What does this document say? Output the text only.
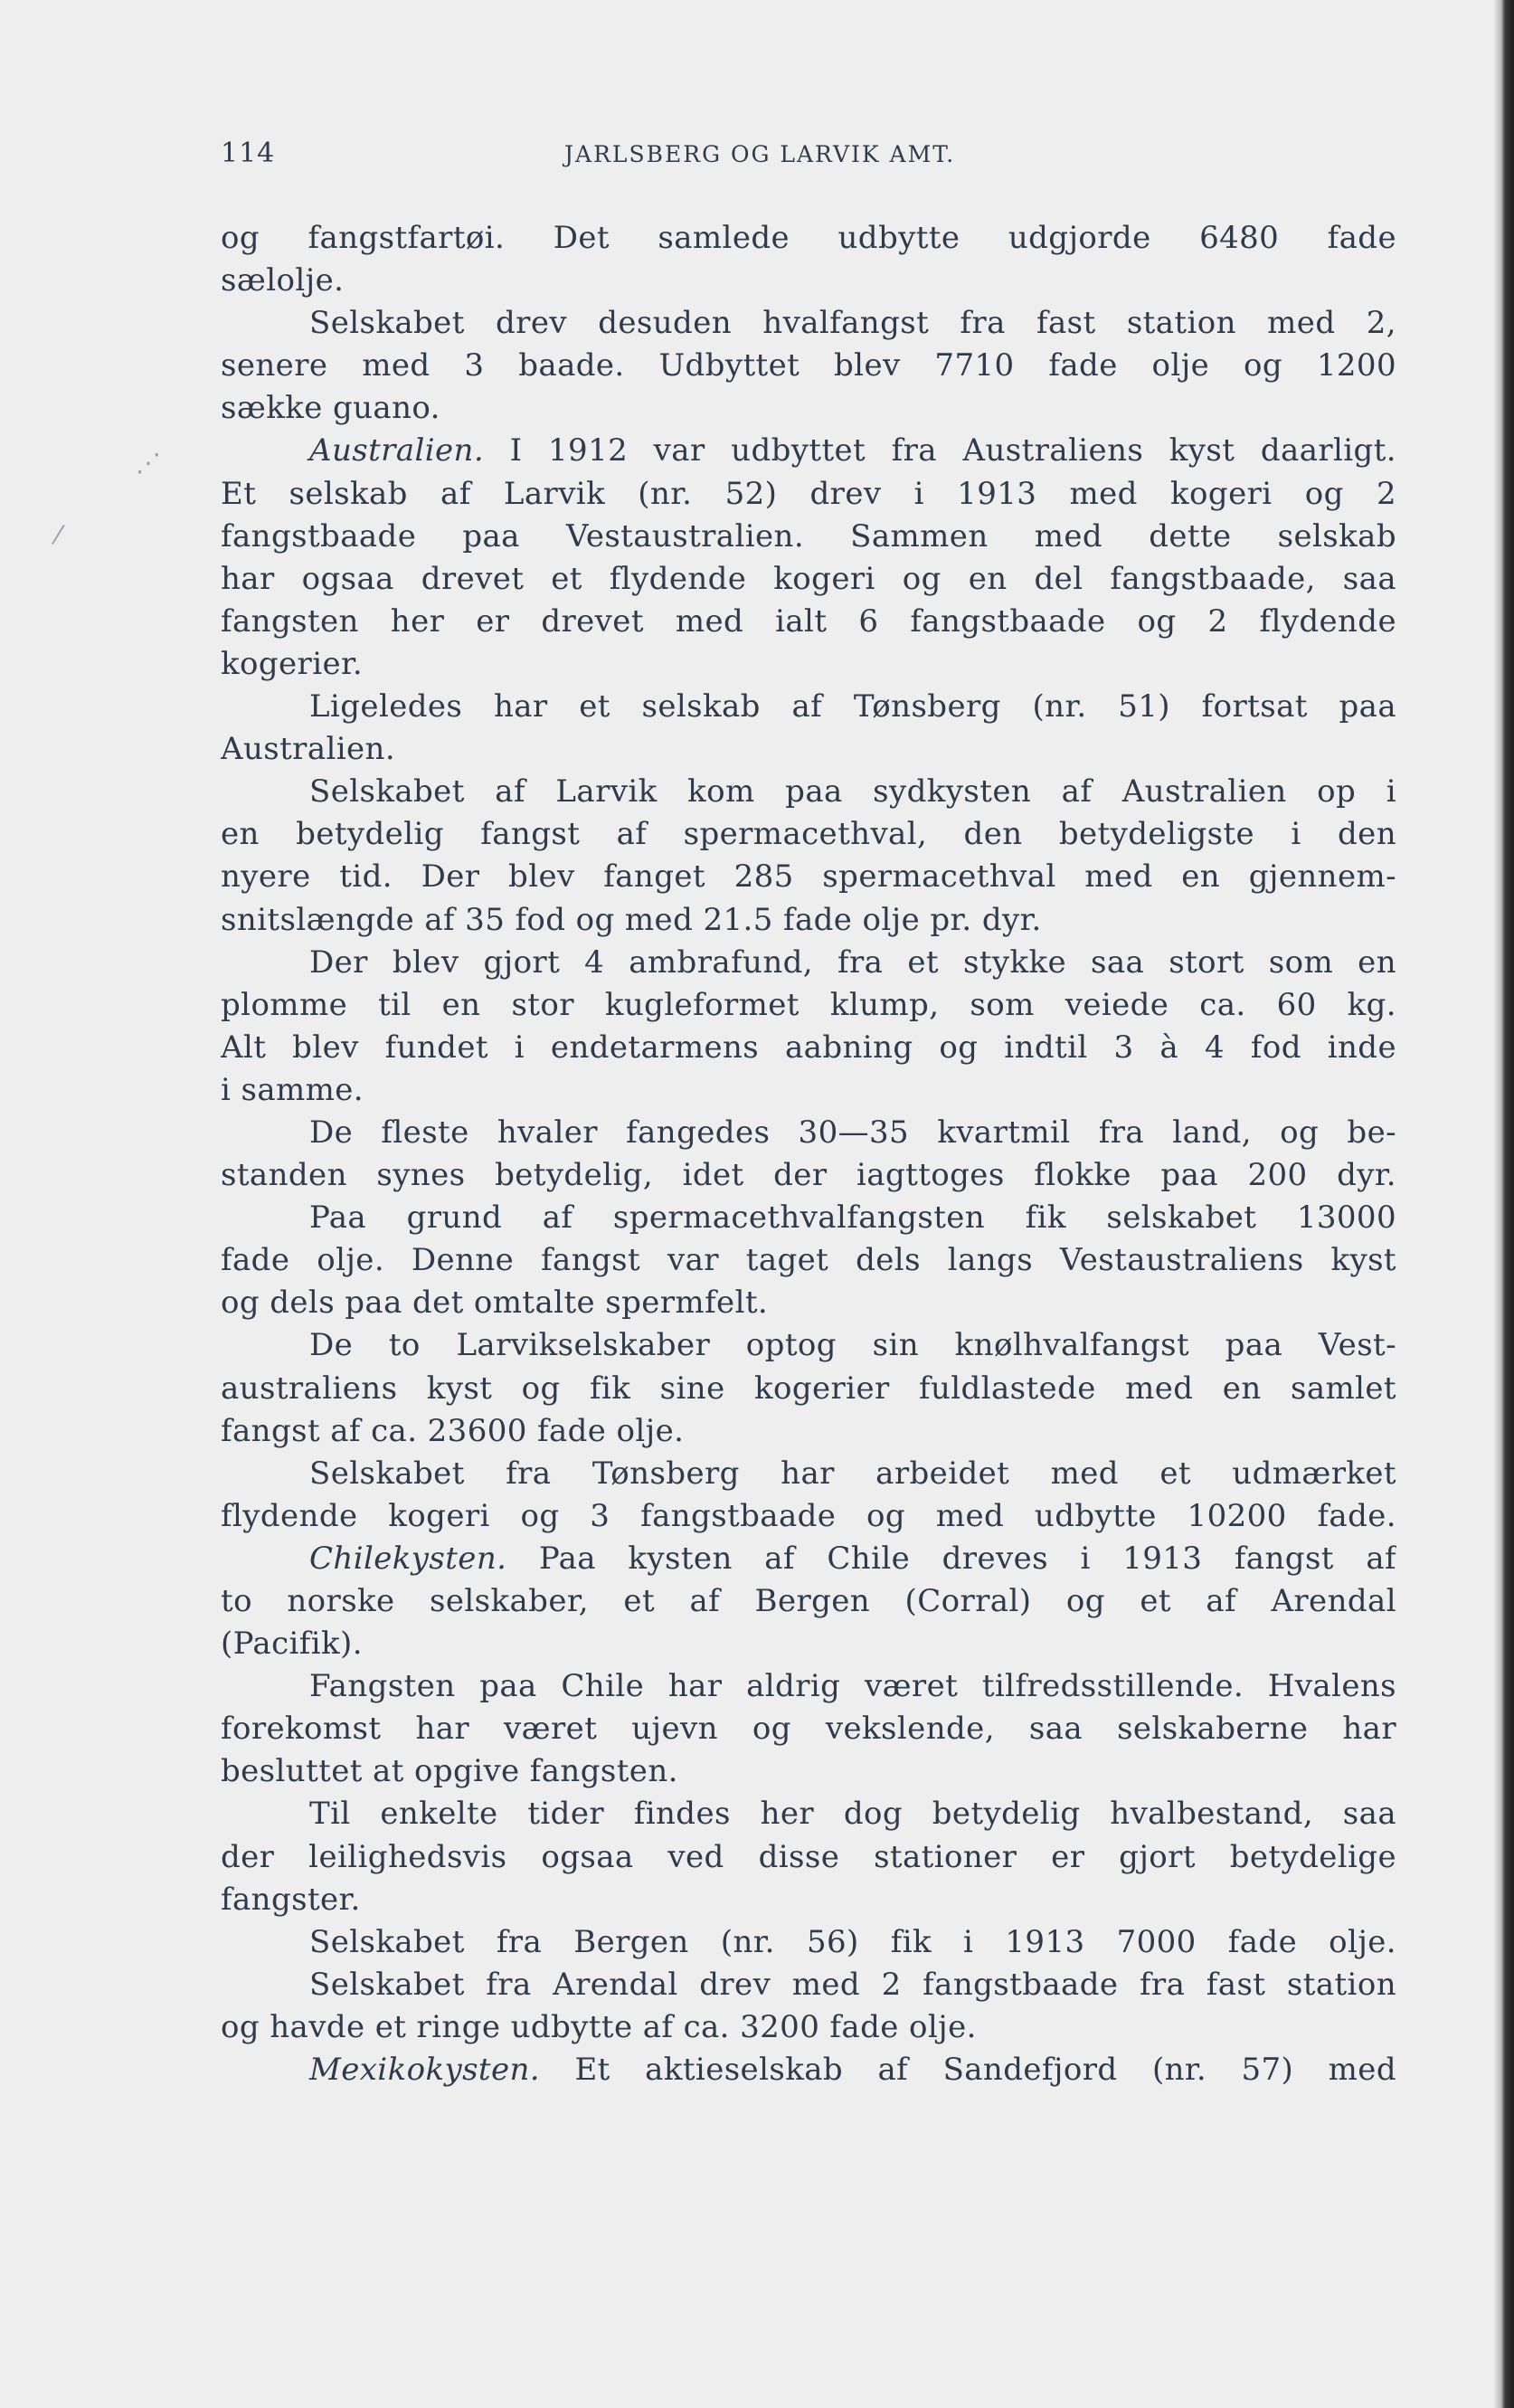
114	JARLSBERG OG LARVIK AMT.
og fangstfartøi. Det samlede udbytte udgjorde 6480 fade
sælolje.
Selskabet drev desuden hvalfangst fra fast station med 2,
senere med 3 baade. Udbyttet blev 7710 fade olje og 1200
sække guano.
Australien. I 1912 var udbyttet fra Australiens kyst daarligt.
Et selskab af Larvik (nr. 52) drev i 1913 med kogeri og 2
fangstbaade paa Vestaustralien. Sammen med dette selskab
har ogsaa drevet et flydende kogeri og en del fangstbaade, saa
fangsten her er drevet med ialt 6 fangstbaade og 2 flydende
kogerier.
Ligeledes har et selskab af Tønsberg (nr. 51) fortsat paa
Australien.
Selskabet af Larvik kom paa sydkysten af Australien op i
en betydelig fangst af spermacethval, den betydeligste i den
nyere tid. Der blev fanget 285 spermacethval med en gjennem-
snitslængde af 35 fod og med 21.5 fade olje pr. dyr.
Der blev gjort 4 ambrafund, fra et stykke saa stort som en
plomme til en stor kugleformet klump, som veiede ca. 60 kg.
Alt blev fundet i endetarmens aabning og indtil 3 à 4 fod inde
i samme.
De fleste hvaler fangedes 30—35 kvartmil fra land, og be-
standen synes betydelig, idet der iagttoges flokke paa 200 dyr.
Paa grund af spermacethvalfangsten fik selskabet 13000
fade olje. Denne fangst var taget dels langs Vestaustraliens kyst
og dels paa det omtalte spermfelt.
De to Larvikselskaber optog sin knølhvalfangst paa Vest-
australiens kyst og fik sine kogerier fuldlastede med en samlet
fangst af ca. 23600 fade olje.
Selskabet fra Tønsberg har arbeidet med et udmærket
flydende kogeri og 3 fangstbaade og med udbytte 10200 fade.
Chilekysten. Paa kysten af Chile dreves i 1913 fangst af
to norske selskaber, et af Bergen (Corral) og et af Arendal
(Pacifik).
Fangsten paa Chile har aldrig været tilfredsstillende. Hvalens
forekomst har været ujevn og vekslende, saa selskaberne har
besluttet at opgive fangsten.
Til enkelte tider findes her dog betydelig hvalbestand, saa
der leilighedsvis ogsaa ved disse stationer er gjort betydelige
fangster.
Selskabet fra Bergen (nr. 56) fik i 1913 7000 fade olje.
Selskabet fra Arendal drev med 2 fangstbaade fra fast station
og havde et ringe udbytte af ca. 3200 fade olje.
Mexikokysten. Et aktieselskab af Sandefjord (nr. 57) med
⋰
⁄
